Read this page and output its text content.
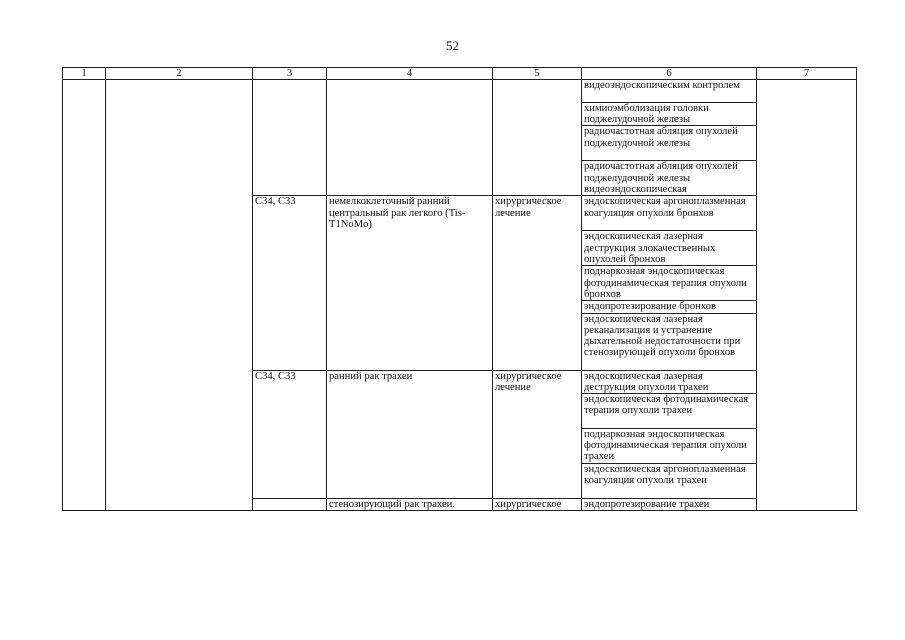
52
1	2	3	4	5	6	7
					видеоэндоскопическим контролем	
					химиоэмболизация головки поджелудочной железы	
					радиочастотная абляция опухолей поджелудочной железы	
					радиочастотная абляция опухолей поджелудочной железы видеоэндоскопическая	
		C34, C33	немелкоклеточный ранний центральный рак легкого (Tis-T1NoMo)	хирургическое лечение	эндоскопическая аргоноплазменная коагуляция опухоли бронхов	
					эндоскопическая лазерная деструкция злокачественных опухолей бронхов	
					поднаркозная эндоскопическая фотодинамическая терапия опухоли бронхов	
					эндопротезирование бронхов	
					эндоскопическая лазерная реканализация и устранение дыхательной недостаточности при стенозирующей опухоли бронхов	
		C34, C33	ранний рак трахеи	хирургическое лечение	эндоскопическая лазерная деструкция опухоли трахеи	
					эндоскопическая фотодинамическая терапия опухоли трахеи	
					поднаркозная эндоскопическая фотодинамическая терапия опухоли трахеи	
					эндоскопическая аргоноплазменная коагуляция опухоли трахеи	
			стенозирующий рак трахеи.	хирургическое	эндопротезирование трахеи	
